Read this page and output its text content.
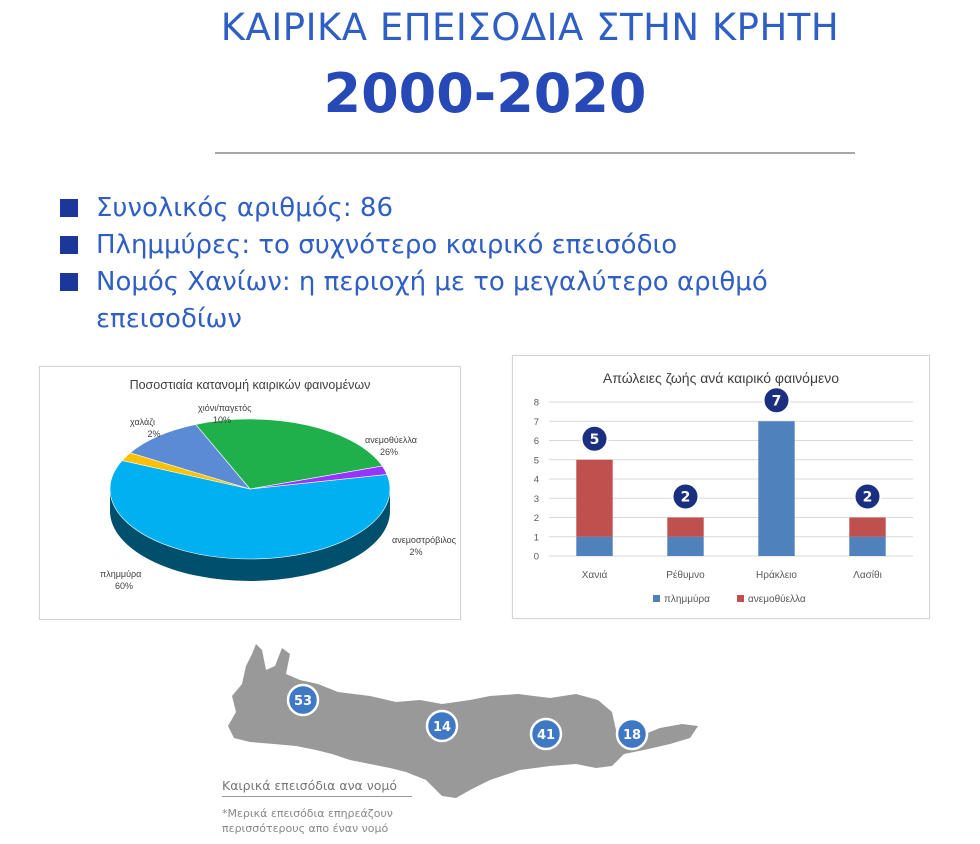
ΚΑΙΡΙΚΑ ΕΠΕΙΣΟΔΙΑ ΣΤΗΝ ΚΡΗΤΗ
2000-2020
Συνολικός αριθμός: 86
Πλημμύρες: το συχνότερο καιρικό επεισόδιο
Νομός Χανίων: η περιοχή με το μεγαλύτερο αριθμό
επεισοδίων
Ποσοστιαία κατανομή καιρικών φαινομένων
πλημμύρα
60%
χαλάζι
2%
χιόνι/παγετός
10%
ανεμοθύελλα
26%
ανεμοστρόβιλος
2%
Απώλειες ζωής ανά καιρικό φαινόμενο
0
1
2
3
4
5
6
7
8
Χανιά
5
Ρέθυμνο
2
Ηράκλειο
7
Λασίθι
2
πλημμύρα	ανεμοθύελλα
53
14
41	18
Καιρικά επεισόδια ανα νομό
*Μερικά επεισόδια επηρεάζουν
περισσότερους απο έναν νομό
